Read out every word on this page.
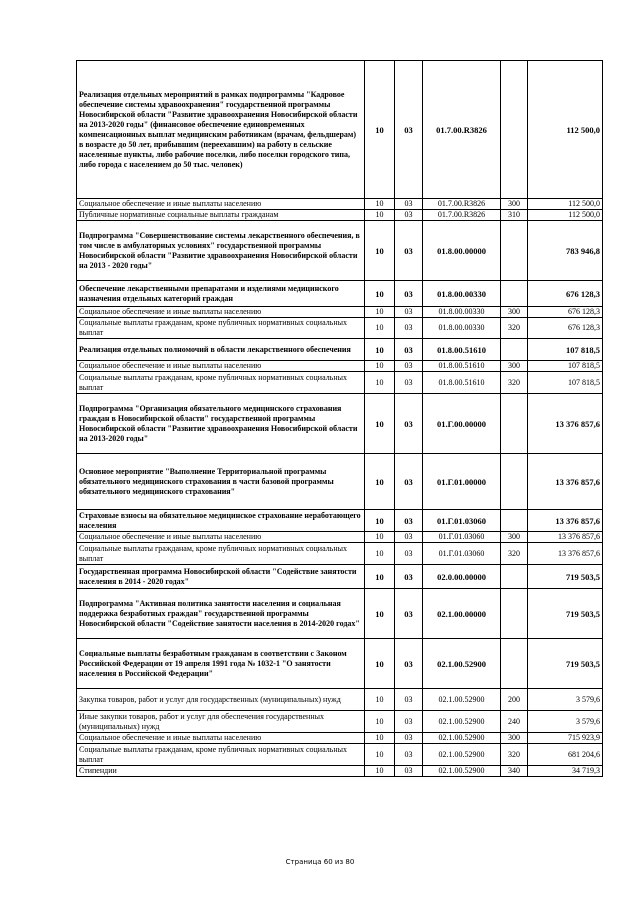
Реализация отдельных мероприятий в рамках подпрограммы "Кадровое обеспечение системы здравоохранения" государственной программы Новосибирской области "Развитие здравоохранения Новосибирской области на 2013-2020 годы" (финансовое обеспечение единовременных компенсационных выплат медицинским работникам (врачам, фельдшерам) в возрасте до 50 лет, прибывшим (переехавшим) на работу в сельские населенные пункты, либо рабочие поселки, либо поселки городского типа, либо города с населением до 50 тыс. человек)	10	03	01.7.00.R3826		112 500,0
Социальное обеспечение и иные выплаты населению	10	03	01.7.00.R3826	300	112 500,0
Публичные нормативные социальные выплаты гражданам	10	03	01.7.00.R3826	310	112 500,0
Подпрограмма "Совершенствование системы лекарственного обеспечения, в том числе в амбулаторных условиях" государственной программы Новосибирской области "Развитие здравоохранения Новосибирской области на 2013 - 2020 годы"	10	03	01.8.00.00000		783 946,8
Обеспечение лекарственными препаратами и изделиями медицинского назначения отдельных категорий граждан	10	03	01.8.00.00330		676 128,3
Социальное обеспечение и иные выплаты населению	10	03	01.8.00.00330	300	676 128,3
Социальные выплаты гражданам, кроме публичных нормативных социальных выплат	10	03	01.8.00.00330	320	676 128,3
Реализация отдельных полномочий в области лекарственного обеспечения	10	03	01.8.00.51610		107 818,5
Социальное обеспечение и иные выплаты населению	10	03	01.8.00.51610	300	107 818,5
Социальные выплаты гражданам, кроме публичных нормативных социальных выплат	10	03	01.8.00.51610	320	107 818,5
Подпрограмма "Организация обязательного медицинского страхования граждан в Новосибирской области" государственной программы Новосибирской области "Развитие здравоохранения Новосибирской области на 2013-2020 годы"	10	03	01.Г.00.00000		13 376 857,6
Основное мероприятие "Выполнение Территориальной программы обязательного медицинского страхования в части базовой программы обязательного медицинского страхования"	10	03	01.Г.01.00000		13 376 857,6
Страховые взносы на обязательное медицинское страхование неработающего населения	10	03	01.Г.01.03060		13 376 857,6
Социальное обеспечение и иные выплаты населению	10	03	01.Г.01.03060	300	13 376 857,6
Социальные выплаты гражданам, кроме публичных нормативных социальных выплат	10	03	01.Г.01.03060	320	13 376 857,6
Государственная программа Новосибирской области "Содействие занятости населения в 2014 - 2020 годах"	10	03	02.0.00.00000		719 503,5
Подпрограмма "Активная политика занятости населения и социальная поддержка безработных граждан" государственной программы Новосибирской области "Содействие занятости населения в 2014-2020 годах"	10	03	02.1.00.00000		719 503,5
Социальные выплаты безработным гражданам в соответствии с Законом Российской Федерации от 19 апреля 1991 года № 1032-1 "О занятости населения в Российской Федерации"	10	03	02.1.00.52900		719 503,5
Закупка товаров, работ и услуг для государственных (муниципальных) нужд	10	03	02.1.00.52900	200	3 579,6
Иные закупки товаров, работ и услуг для обеспечения государственных (муниципальных) нужд	10	03	02.1.00.52900	240	3 579,6
Социальное обеспечение и иные выплаты населению	10	03	02.1.00.52900	300	715 923,9
Социальные выплаты гражданам, кроме публичных нормативных социальных выплат	10	03	02.1.00.52900	320	681 204,6
Стипендии	10	03	02.1.00.52900	340	34 719,3
Страница 60 из 80
